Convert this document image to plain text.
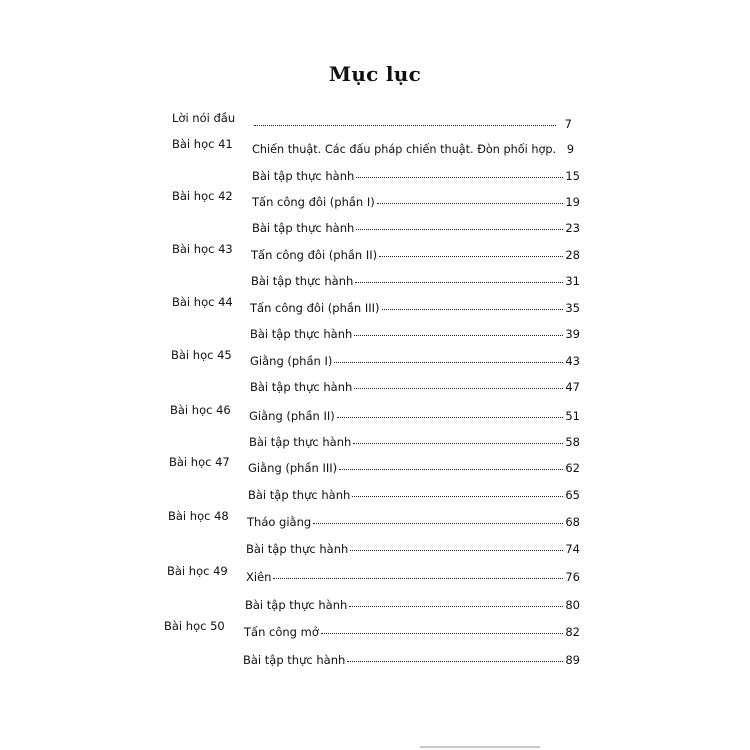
Mục lục
Lời nói đầu	7
Bài học 41 Chiến thuật. Các đấu pháp chiến thuật. Đòn phối hợp. 9
Bài tập thực hành	15
Bài học 42 Tấn công đôi (phần I)	19
Bài tập thực hành	23
Bài học 43 Tấn công đôi (phần II)	28
Bài tập thực hành	31
Bài học 44 Tấn công đôi (phần III)	35
Bài tập thực hành	39
Bài học 45 Giằng (phần I)	43
Bài tập thực hành	47
Bài học 46 Giằng (phần II)	51
Bài tập thực hành	58
Bài học 47 Giằng (phần III)	62
Bài tập thực hành	65
Bài học 48 Tháo giằng	68
Bài tập thực hành	74
Bài học 49 Xiên	76
Bài tập thực hành	80
Bài học 50 Tấn công mở	82
Bài tập thực hành	89
